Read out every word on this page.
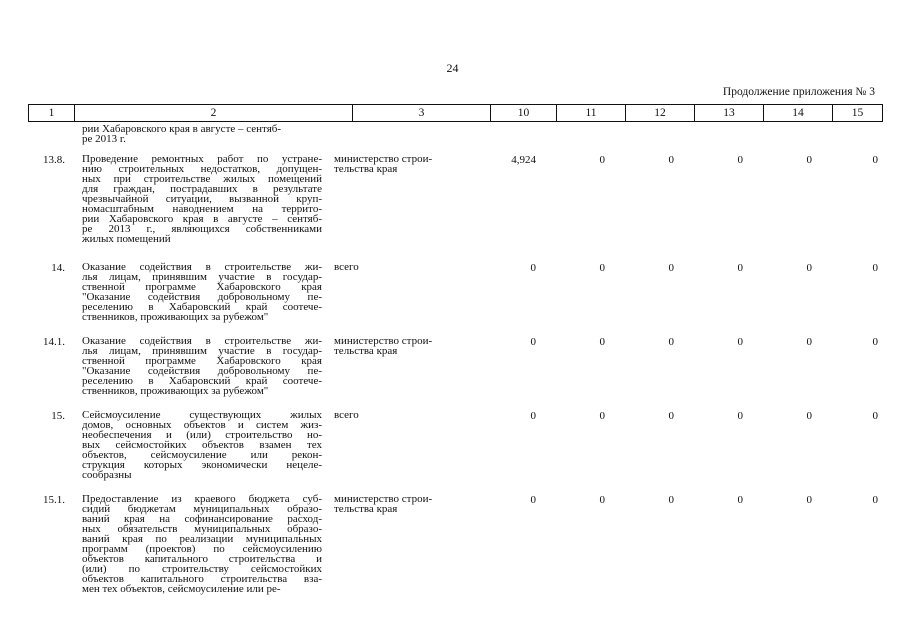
24
Продолжение приложения № 3
1	2	3	10	11	12	13	14	15
рии Хабаровского края в августе – сентяб-
ре 2013 г.
13.8. Проведение ремонтных работ по устране-
нию строительных недостатков, допущен-
ных при строительстве жилых помещений
для граждан, пострадавших в результате
чрезвычайной ситуации, вызванной круп-
номасштабным наводнением на террито-
рии Хабаровского края в августе – сентяб-
ре 2013 г., являющихся собственниками
жилых помещений
министерство строи-
тельства края
4,924	0	0	0	0	0
14. Оказание содействия в строительстве жи-
лья лицам, принявшим участие в государ-
ственной программе Хабаровского края
"Оказание содействия добровольному пе-
реселению в Хабаровский край соотече-
ственников, проживающих за рубежом"
всего	0	0	0	0	0	0
14.1. Оказание содействия в строительстве жи-
лья лицам, принявшим участие в государ-
ственной программе Хабаровского края
"Оказание содействия добровольному пе-
реселению в Хабаровский край соотече-
ственников, проживающих за рубежом"
министерство строи-
тельства края
0	0	0	0	0	0
15. Сейсмоусиление существующих жилых
домов, основных объектов и систем жиз-
необеспечения и (или) строительство но-
вых сейсмостойких объектов взамен тех
объектов, сейсмоусиление или рекон-
струкция которых экономически нецеле-
сообразны
всего	0	0	0	0	0	0
15.1. Предоставление из краевого бюджета суб-
сидий бюджетам муниципальных образо-
ваний края на софинансирование расход-
ных обязательств муниципальных образо-
ваний края по реализации муниципальных
программ (проектов) по сейсмоусилению
объектов капитального строительства и
(или) по строительству сейсмостойких
объектов капитального строительства вза-
мен тех объектов, сейсмоусиление или ре-
министерство строи-
тельства края
0	0	0	0	0	0
